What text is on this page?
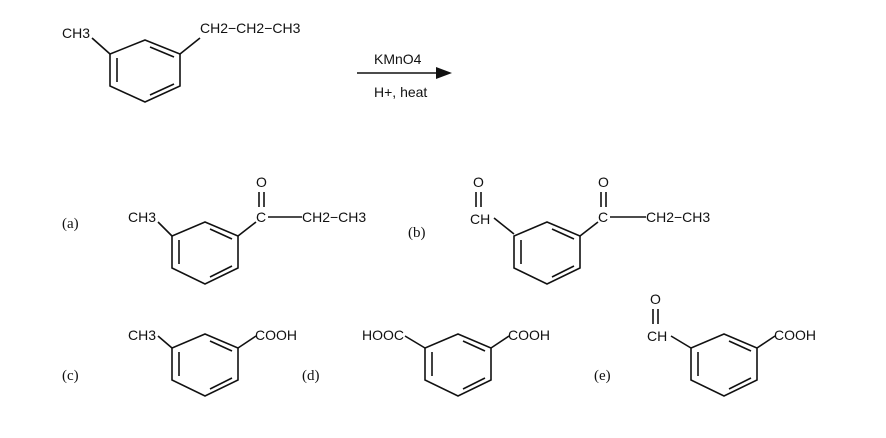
CH3	CH2−CH2−CH3
KMnO4
H+, heat
(a)	CH3
O
C	CH2−CH3
(b)
O
CH
O
C	CH2−CH3
(c)
CH3	COOH
(d)
HOOC	COOH
(e)
O
CH	COOH
